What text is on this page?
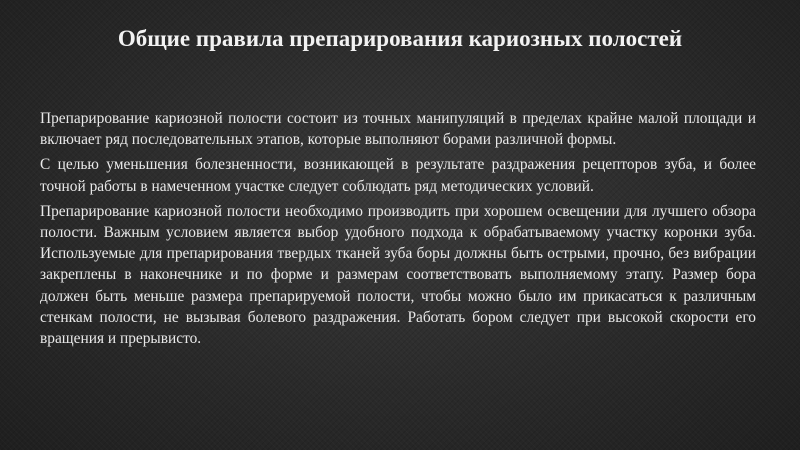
Общие правила препарирования кариозных полостей

Препарирование кариозной полости состоит из точных манипуляций в пределах крайне малой площади и включает ряд последовательных этапов, которые выполняют борами различной формы.

С целью уменьшения болезненности, возникающей в результате раздражения рецепторов зуба, и более точной работы в намеченном участке следует соблюдать ряд методических условий.

Препарирование кариозной полости необходимо производить при хорошем освещении для лучшего обзора полости. Важным условием является выбор удобного подхода к обрабатываемому участку коронки зуба. Используемые для препарирования твердых тканей зуба боры должны быть острыми, прочно, без вибрации закреплены в наконечнике и по форме и размерам соответствовать выполняемому этапу. Размер бора должен быть меньше размера препарируемой полости, чтобы можно было им прикасаться к различным стенкам полости, не вызывая болевого раздражения. Работать бором следует при высокой скорости его вращения и прерывисто.
